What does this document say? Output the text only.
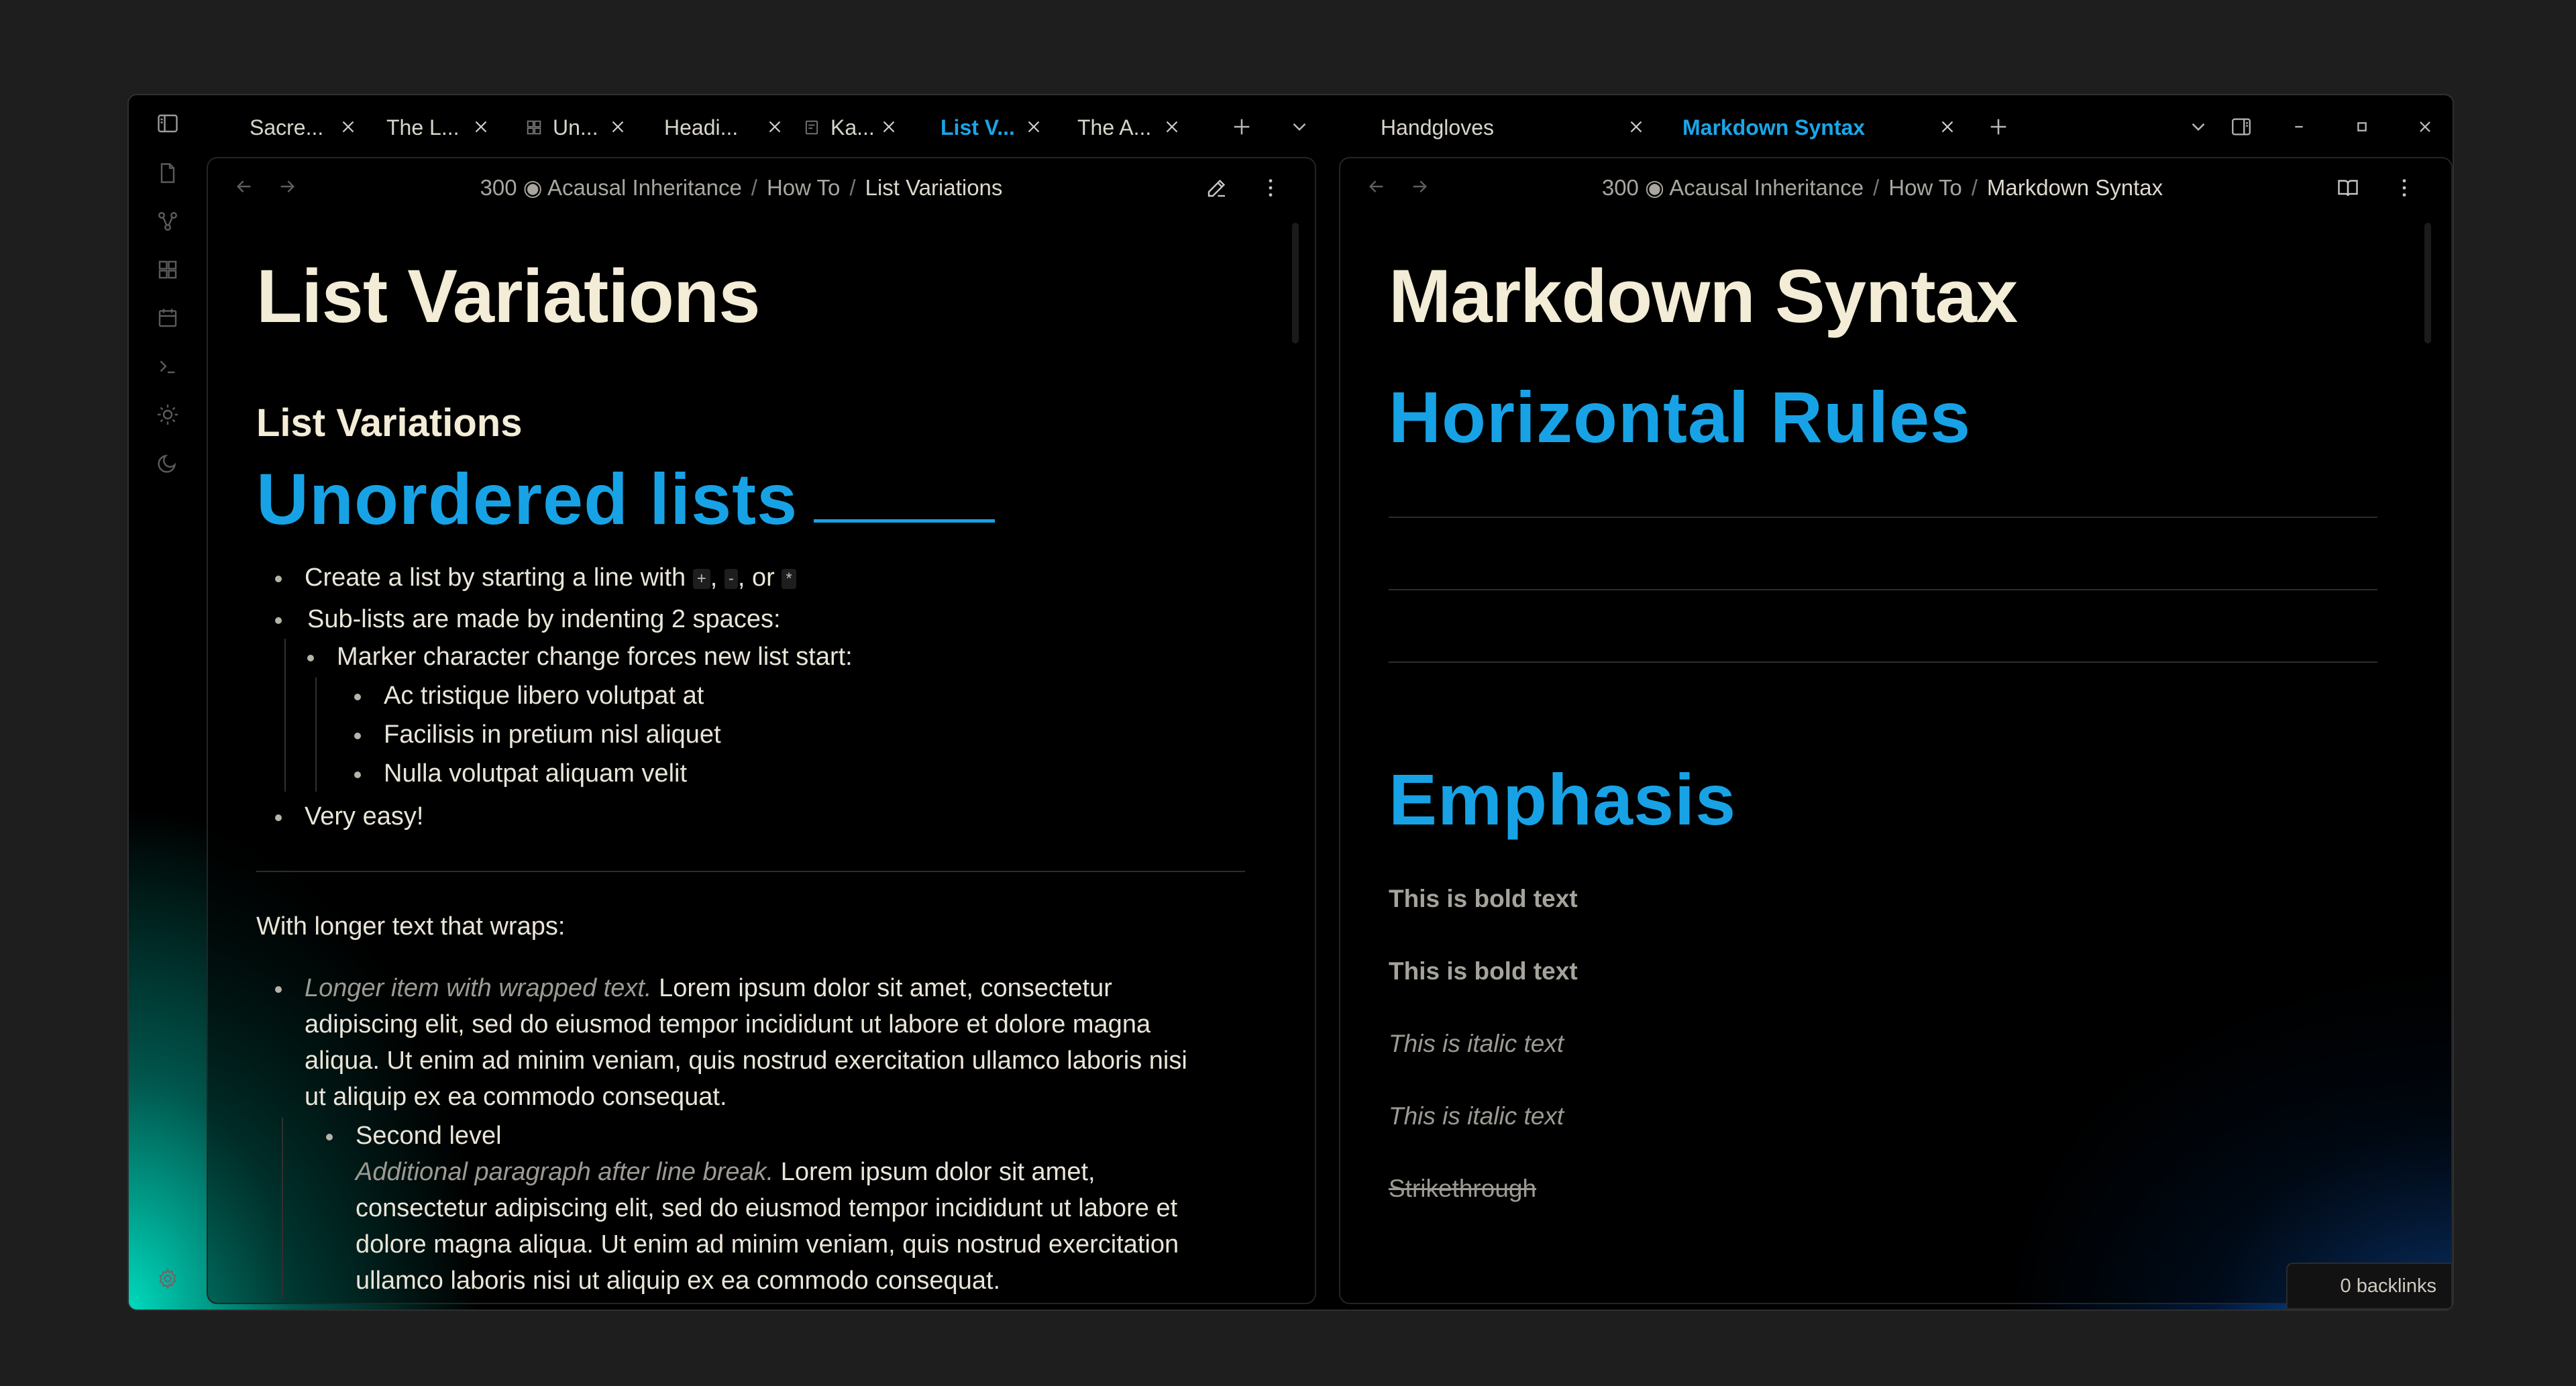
Sacre...	The L...	Un...	Headi...	Ka...	List V...	The A...	Handgloves	Markdown Syntax
300 ◉ Acausal Inheritance / How To / List Variations
List Variations
List Variations
Unordered lists
Create a list by starting a line with + , - , or *
Sub-lists are made by indenting 2 spaces:
Marker character change forces new list start:
Ac tristique libero volutpat at
Facilisis in pretium nisl aliquet
Nulla volutpat aliquam velit
Very easy!

With longer text that wraps:

Longer item with wrapped text. Lorem ipsum dolor sit amet, consectetur adipiscing elit, sed do eiusmod tempor incididunt ut labore et dolore magna aliqua. Ut enim ad minim veniam, quis nostrud exercitation ullamco laboris nisi ut aliquip ex ea commodo consequat.
Second level
Additional paragraph after line break. Lorem ipsum dolor sit amet, consectetur adipiscing elit, sed do eiusmod tempor incididunt ut labore et dolore magna aliqua. Ut enim ad minim veniam, quis nostrud exercitation ullamco laboris nisi ut aliquip ex ea commodo consequat.
300 ◉ Acausal Inheritance / How To / Markdown Syntax
Markdown Syntax
Horizontal Rules
Emphasis
This is bold text
This is bold text
This is italic text
This is italic text
Strikethrough
0 backlinks
